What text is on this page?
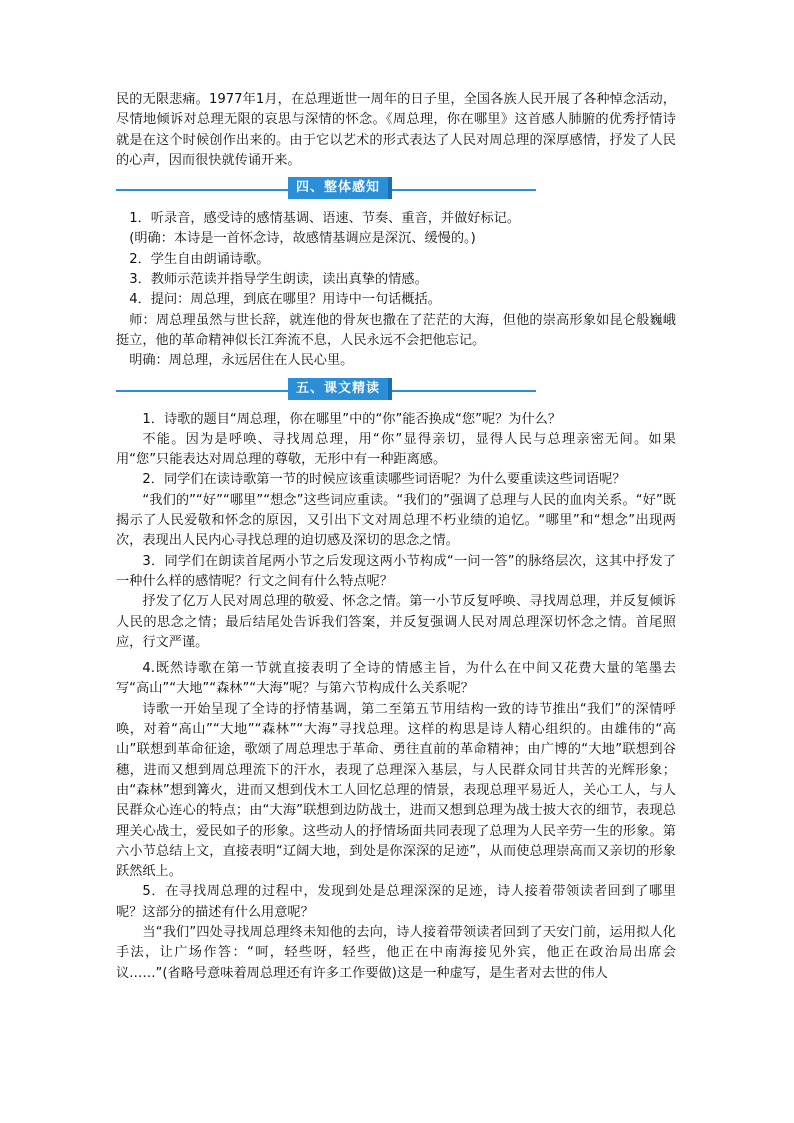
民的无限悲痛。1977年1月，在总理逝世一周年的日子里，全国各族人民开展了各种悼念活动，尽情地倾诉对总理无限的哀思与深情的怀念。《周总理，你在哪里》这首感人肺腑的优秀抒情诗就是在这个时候创作出来的。由于它以艺术的形式表达了人民对周总理的深厚感情，抒发了人民的心声，因而很快就传诵开来。

四、整体感知

1．听录音，感受诗的感情基调、语速、节奏、重音，并做好标记。

(明确：本诗是一首怀念诗，故感情基调应是深沉、缓慢的。)

2．学生自由朗诵诗歌。

3．教师示范读并指导学生朗读，读出真挚的情感。

4．提问：周总理，到底在哪里？用诗中一句话概括。

师：周总理虽然与世长辞，就连他的骨灰也撒在了茫茫的大海，但他的崇高形象如昆仑般巍峨挺立，他的革命精神似长江奔流不息，人民永远不会把他忘记。

明确：周总理，永远居住在人民心里。

五、课文精读

1．诗歌的题目“周总理，你在哪里”中的“你”能否换成“您”呢？为什么？

不能。因为是呼唤、寻找周总理，用“你”显得亲切，显得人民与总理亲密无间。如果用“您”只能表达对周总理的尊敬，无形中有一种距离感。

2．同学们在读诗歌第一节的时候应该重读哪些词语呢？为什么要重读这些词语呢？

“我们的”“好”“哪里”“想念”这些词应重读。“我们的”强调了总理与人民的血肉关系。“好”既揭示了人民爱敬和怀念的原因，又引出下文对周总理不朽业绩的追忆。“哪里”和“想念”出现两次，表现出人民内心寻找总理的迫切感及深切的思念之情。

3．同学们在朗读首尾两小节之后发现这两小节构成“一问一答”的脉络层次，这其中抒发了一种什么样的感情呢？行文之间有什么特点呢？

抒发了亿万人民对周总理的敬爱、怀念之情。第一小节反复呼唤、寻找周总理，并反复倾诉人民的思念之情；最后结尾处告诉我们答案，并反复强调人民对周总理深切怀念之情。首尾照应，行文严谨。

4.既然诗歌在第一节就直接表明了全诗的情感主旨，为什么在中间又花费大量的笔墨去写“高山”“大地”“森林”“大海”呢？与第六节构成什么关系呢？

诗歌一开始呈现了全诗的抒情基调，第二至第五节用结构一致的诗节推出“我们”的深情呼唤，对着“高山”“大地”“森林”“大海”寻找总理。这样的构思是诗人精心组织的。由雄伟的“高山”联想到革命征途，歌颂了周总理忠于革命、勇往直前的革命精神；由广博的“大地”联想到谷穗，进而又想到周总理流下的汗水，表现了总理深入基层，与人民群众同甘共苦的光辉形象；由“森林”想到篝火，进而又想到伐木工人回忆总理的情景，表现总理平易近人，关心工人，与人民群众心连心的特点；由“大海”联想到边防战士，进而又想到总理为战士披大衣的细节，表现总理关心战士，爱民如子的形象。这些动人的抒情场面共同表现了总理为人民辛劳一生的形象。第六小节总结上文，直接表明“辽阔大地，到处是你深深的足迹”，从而使总理崇高而又亲切的形象跃然纸上。

5．在寻找周总理的过程中，发现到处是总理深深的足迹，诗人接着带领读者回到了哪里呢？这部分的描述有什么用意呢？

当“我们”四处寻找周总理终未知他的去向，诗人接着带领读者回到了天安门前，运用拟人化手法，让广场作答：“呵，轻些呀，轻些，他正在中南海接见外宾，他正在政治局出席会议……”(省略号意味着周总理还有许多工作要做)这是一种虚写，是生者对去世的伟人
